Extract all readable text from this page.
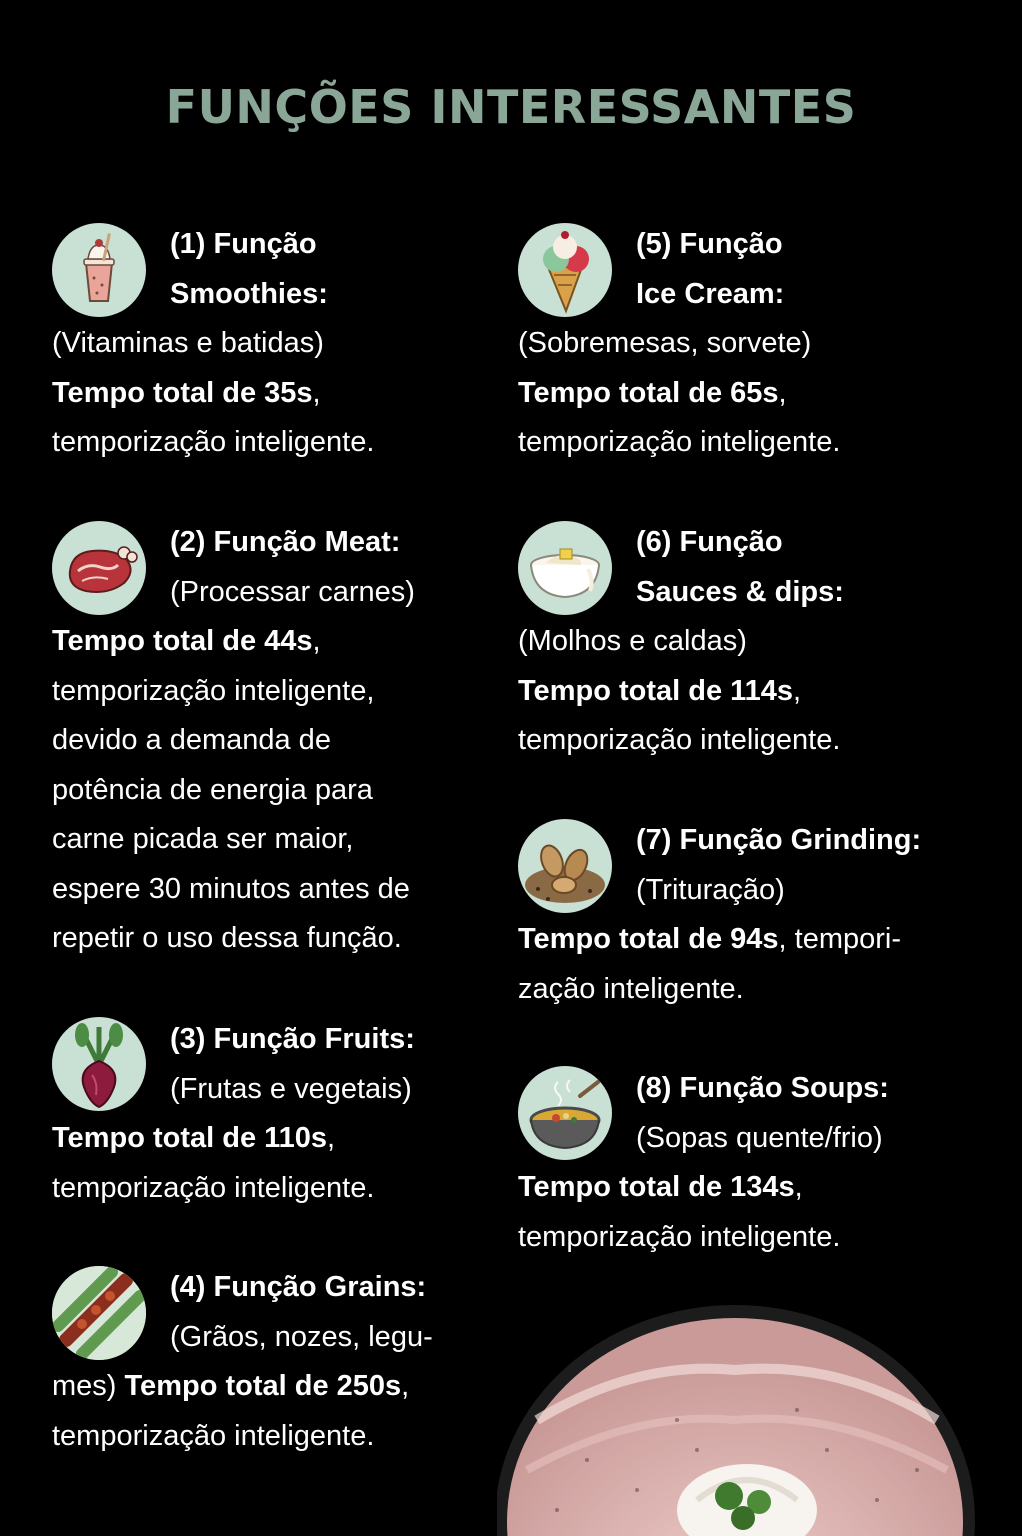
FUNÇÕES INTERESSANTES
(1) Função
Smoothies:
(Vitaminas e batidas)
Tempo total de 35s,
temporização inteligente.
(2) Função Meat:
(Processar carnes)
Tempo total de 44s,
temporização inteligente,
devido a demanda de
potência de energia para
carne picada ser maior,
espere 30 minutos antes de
repetir o uso dessa função.
(3) Função Fruits:
(Frutas e vegetais)
Tempo total de 110s,
temporização inteligente.
(4) Função Grains:
(Grãos, nozes, legu-
mes) Tempo total de 250s,
temporização inteligente.
(5) Função
Ice Cream:
(Sobremesas, sorvete)
Tempo total de 65s,
temporização inteligente.
(6) Função
Sauces & dips:
(Molhos e caldas)
Tempo total de 114s,
temporização inteligente.
(7) Função Grinding:
(Trituração)
Tempo total de 94s, tempori-
zação inteligente.
(8) Função Soups:
(Sopas quente/frio)
Tempo total de 134s,
temporização inteligente.
